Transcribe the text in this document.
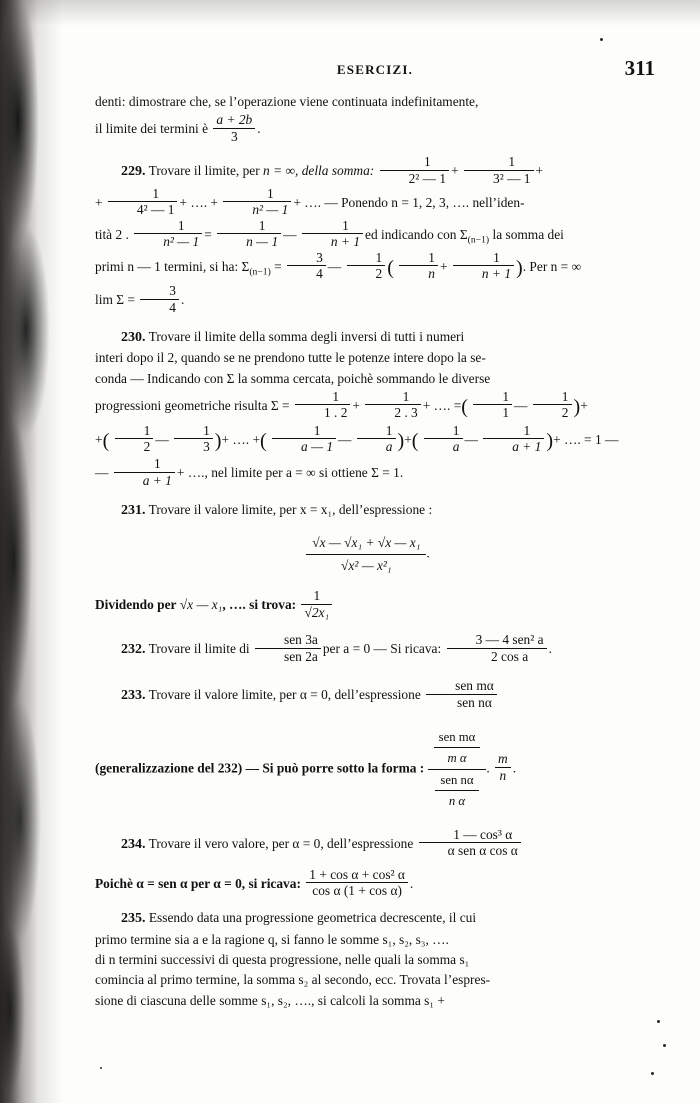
ESERCIZI.	311

denti: dimostrare che, se l’operazione viene continuata indefinitamente,
il limite dei termini è $\frac{a + 2b}{3}$ .

229. Trovare il limite, per n = ∞, della somma: $\frac{1}{\text{2² — 1}} + \frac{1}{\text{3² — 1}}$ +
+ $\frac{1}{\text{4² — 1}}$ + …. + $\frac{1}{\text{n² — 1}}$ + …. — Ponendo n = 1, 2, 3, …. nell’iden-
tità 2 . $\frac{1}{\text{n² — 1}} = \frac{1}{n — 1}$ — $\frac{1}{n + 1}$ ed indicando con $\Sigma_{(n-1)}$ la somma dei
primi n — 1 termini, si ha: $\Sigma_{(n-1)} = \frac{3}{4}$ — $\frac{1}{2}$ ( $\frac{1}{n} + \frac{1}{n + 1}$ ). Per n = ∞
$\lim \Sigma = \frac{3}{4}$ .

230. Trovare il limite della somma degli inversi di tutti i numeri
interi dopo il 2, quando se ne prendono tutte le potenze intere dopo la se-
conda — Indicando con Σ la somma cercata, poichè sommando le diverse
progressioni geometriche risulta $\Sigma = \frac{1}{1 . 2} + \frac{1}{2 . 3}$ + …. =( $\frac{1}{1}$ — $\frac{1}{2}$ )+
+( $\frac{1}{2}$ — $\frac{1}{3}$ )+ …. +( $\frac{1}{a — 1}$ — $\frac{1}{a}$ )+( $\frac{1}{a}$ — $\frac{1}{a + 1}$ )+ …. = 1 —
— $\frac{1}{a + 1}$ + …., nel limite per a = ∞ si ottiene Σ = 1.

231. Trovare il valore limite, per x = x₁, dell’espressione :

$\frac{\text{√x — √x₁ + √x — x₁}}{\text{√x² — x²₁}}$ .

Dividendo per √x — x₁, …. si trova: $\frac{1}{\text{√2x₁}}$

232. Trovare il limite di $\frac{\text{sen 3a}}{\text{sen 2a}}$ per a = 0 — Si ricava: $\frac{\text{3 — 4 sen² a}}{\text{2 cos a}}$ .

233. Trovare il valore limite, per α = 0, dell’espressione $\frac{\text{sen mα}}{\text{sen nα}}$

(generalizzazione del 232) — Si può porre sotto la forma :
$\frac{\text{sen mα}}{\text{m α}}$
$\frac{\text{sen nα}}{\text{n α}}$
. $\frac{m}{n}$ .

234. Trovare il vero valore, per α = 0, dell’espressione $\frac{\text{1 — cos³ α}}{\text{α sen α cos α}}$

Poichè α = sen α per α = 0, si ricava: $\frac{\text{1 + cos α + cos² α}}{\text{cos α (1 + cos α)}}$ .

235. Essendo data una progressione geometrica decrescente, il cui
primo termine sia a e la ragione q, si fanno le somme s₁, s₂, s₃, ….
di n termini successivi di questa progressione, nelle quali la somma s₁
comincia al primo termine, la somma s₂ al secondo, ecc. Trovata l’espres-
sione di ciascuna delle somme s₁, s₂, …., si calcoli la somma s₁ +
